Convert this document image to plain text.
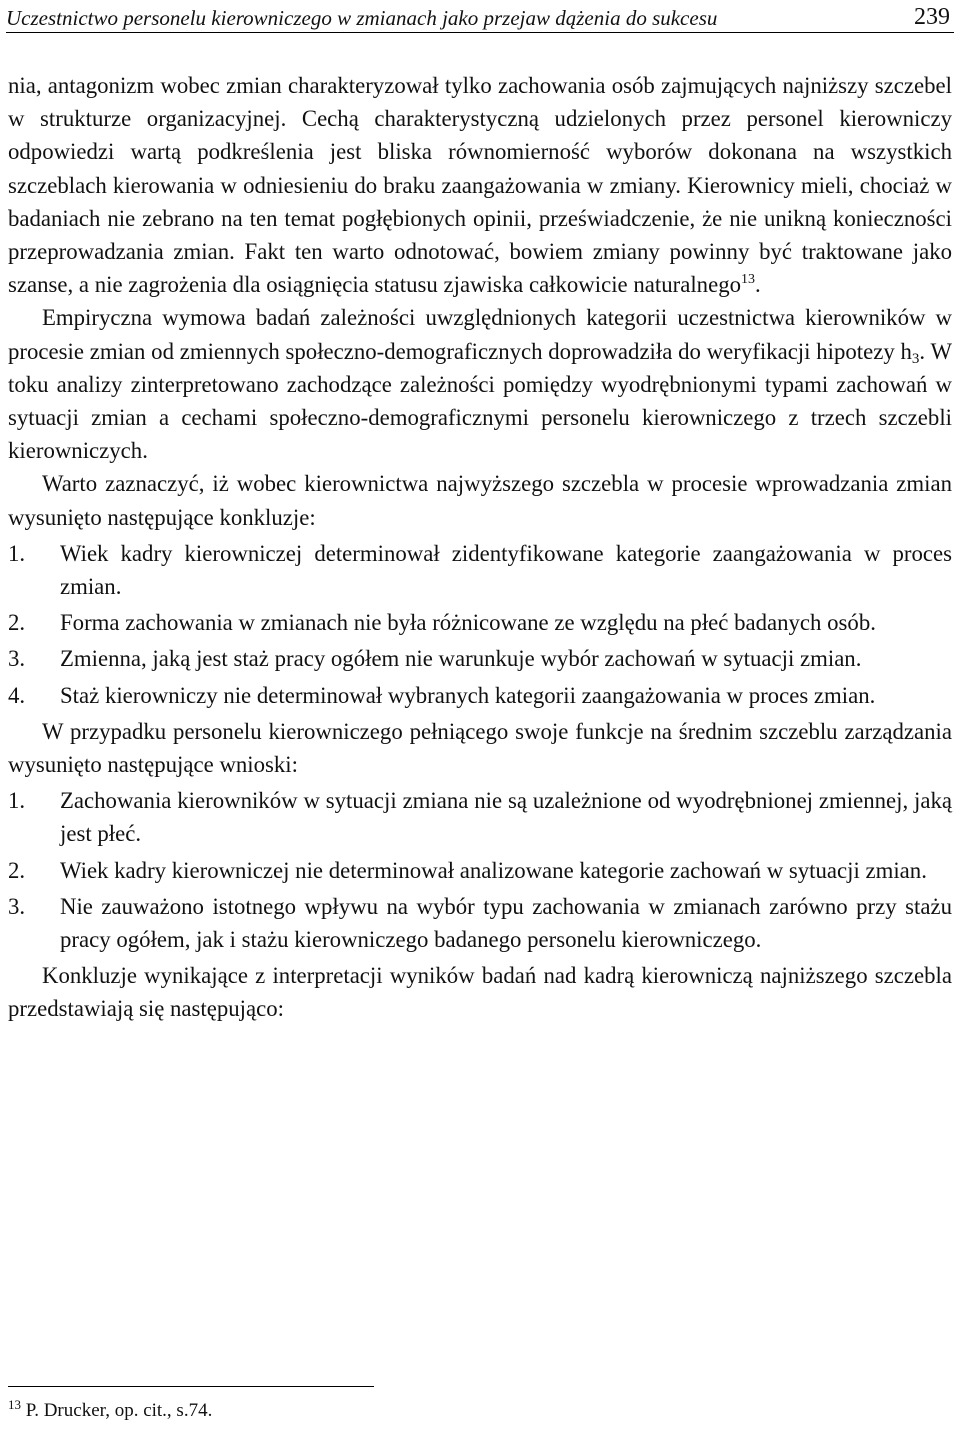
Uczestnictwo personelu kierowniczego w zmianach jako przejaw dążenia do sukcesu	239

nia, antagonizm wobec zmian charakteryzował tylko zachowania osób zajmujących najniższy szczebel w strukturze organizacyjnej. Cechą charakterystyczną udzielonych przez personel kierowniczy odpowiedzi wartą podkreślenia jest bliska równomierność wyborów dokonana na wszystkich szczeblach kierowania w odniesieniu do braku zaangażowania w zmiany. Kierownicy mieli, chociaż w badaniach nie zebrano na ten temat pogłębionych opinii, przeświadczenie, że nie unikną konieczności przeprowadzania zmian. Fakt ten warto odnotować, bowiem zmiany powinny być traktowane jako szanse, a nie zagrożenia dla osiągnięcia statusu zjawiska całkowicie naturalnego$^{13}$.

Empiryczna wymowa badań zależności uwzględnionych kategorii uczestnictwa kierowników w procesie zmian od zmiennych społeczno-demograficznych doprowadziła do weryfikacji hipotezy $h_3$. W toku analizy zinterpretowano zachodzące zależności pomiędzy wyodrębnionymi typami zachowań w sytuacji zmian a cechami społeczno-demograficznymi personelu kierowniczego z trzech szczebli kierowniczych.

Warto zaznaczyć, iż wobec kierownictwa najwyższego szczebla w procesie wprowadzania zmian wysunięto następujące konkluzje:

1. Wiek kadry kierowniczej determinował zidentyfikowane kategorie zaangażowania w proces zmian.
2. Forma zachowania w zmianach nie była różnicowane ze względu na płeć badanych osób.
3. Zmienna, jaką jest staż pracy ogółem nie warunkuje wybór zachowań w sytuacji zmian.
4. Staż kierowniczy nie determinował wybranych kategorii zaangażowania w proces zmian.

W przypadku personelu kierowniczego pełniącego swoje funkcje na średnim szczeblu zarządzania wysunięto następujące wnioski:

1. Zachowania kierowników w sytuacji zmiana nie są uzależnione od wyodrębnionej zmiennej, jaką jest płeć.
2. Wiek kadry kierowniczej nie determinował analizowane kategorie zachowań w sytuacji zmian.
3. Nie zauważono istotnego wpływu na wybór typu zachowania w zmianach zarówno przy stażu pracy ogółem, jak i stażu kierowniczego badanego personelu kierowniczego.

Konkluzje wynikające z interpretacji wyników badań nad kadrą kierowniczą najniższego szczebla przedstawiają się następująco:

$^{13}$ P. Drucker, op. cit., s.74.
